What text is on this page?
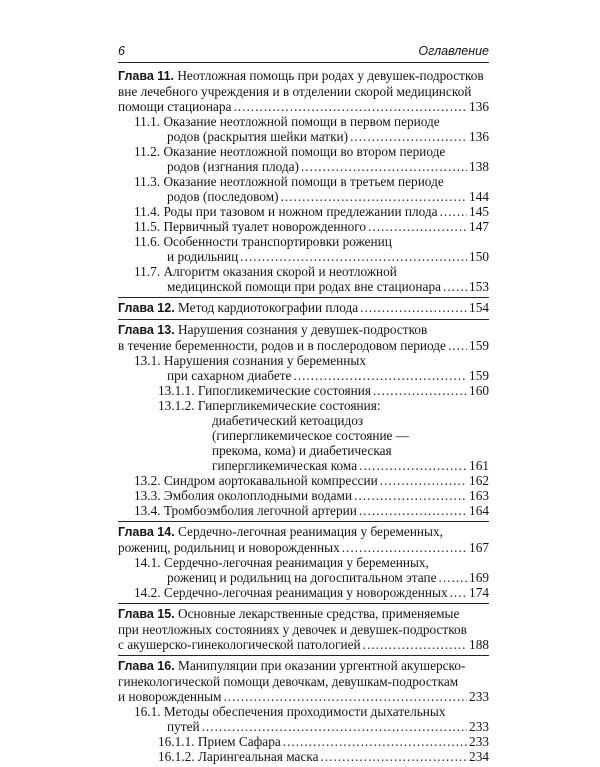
6	Оглавление
Глава 11. Неотложная помощь при родах у девушек-подростков
вне лечебного учреждения и в отделении скорой медицинской
помощи стационара .....	136
11.1. Оказание неотложной помощи в первом периоде
родов (раскрытия шейки матки) .....	136
11.2. Оказание неотложной помощи во втором периоде
родов (изгнания плода) .....	138
11.3. Оказание неотложной помощи в третьем периоде
родов (последовом) .....	144
11.4. Роды при тазовом и ножном предлежании плода ..... 145
11.5. Первичный туалет новорожденного .....	147
11.6. Особенности транспортировки рожениц
и родильниц .....	150
11.7. Алгоритм оказания скорой и неотложной
медицинской помощи при родах вне стационара ..... 153
Глава 12. Метод кардиотокографии плода .....	154
Глава 13. Нарушения сознания у девушек-подростков
в течение беременности, родов и в послеродовом периоде ..... 159
13.1. Нарушения сознания у беременных
при сахарном диабете .....	159
13.1.1. Гипогликемические состояния .....	160
13.1.2. Гипергликемические состояния:
диабетический кетоацидоз
(гипергликемическое состояние —
прекома, кома) и диабетическая
гипергликемическая кома .....	161
13.2. Синдром аортокавальной компрессии .....	162
13.3. Эмболия околоплодными водами .....	163
13.4. Тромбоэмболия легочной артерии .....	164
Глава 14. Сердечно-легочная реанимация у беременных,
рожениц, родильниц и новорожденных .....	167
14.1. Сердечно-легочная реанимация у беременных,
рожениц и родильниц на догоспитальном этапе ..... 169
14.2. Сердечно-легочная реанимация у новорожденных ..... 174
Глава 15. Основные лекарственные средства, применяемые
при неотложных состояниях у девочек и девушек-подростков
с акушерско-гинекологической патологией .....	188
Глава 16. Манипуляции при оказании ургентной акушерско-
гинекологической помощи девочкам, девушкам-подросткам
и новорожденным .....	233
16.1. Методы обеспечения проходимости дыхательных
путей .....	233
16.1.1. Прием Сафара .....	233
16.1.2. Ларингеальная маска .....	234
